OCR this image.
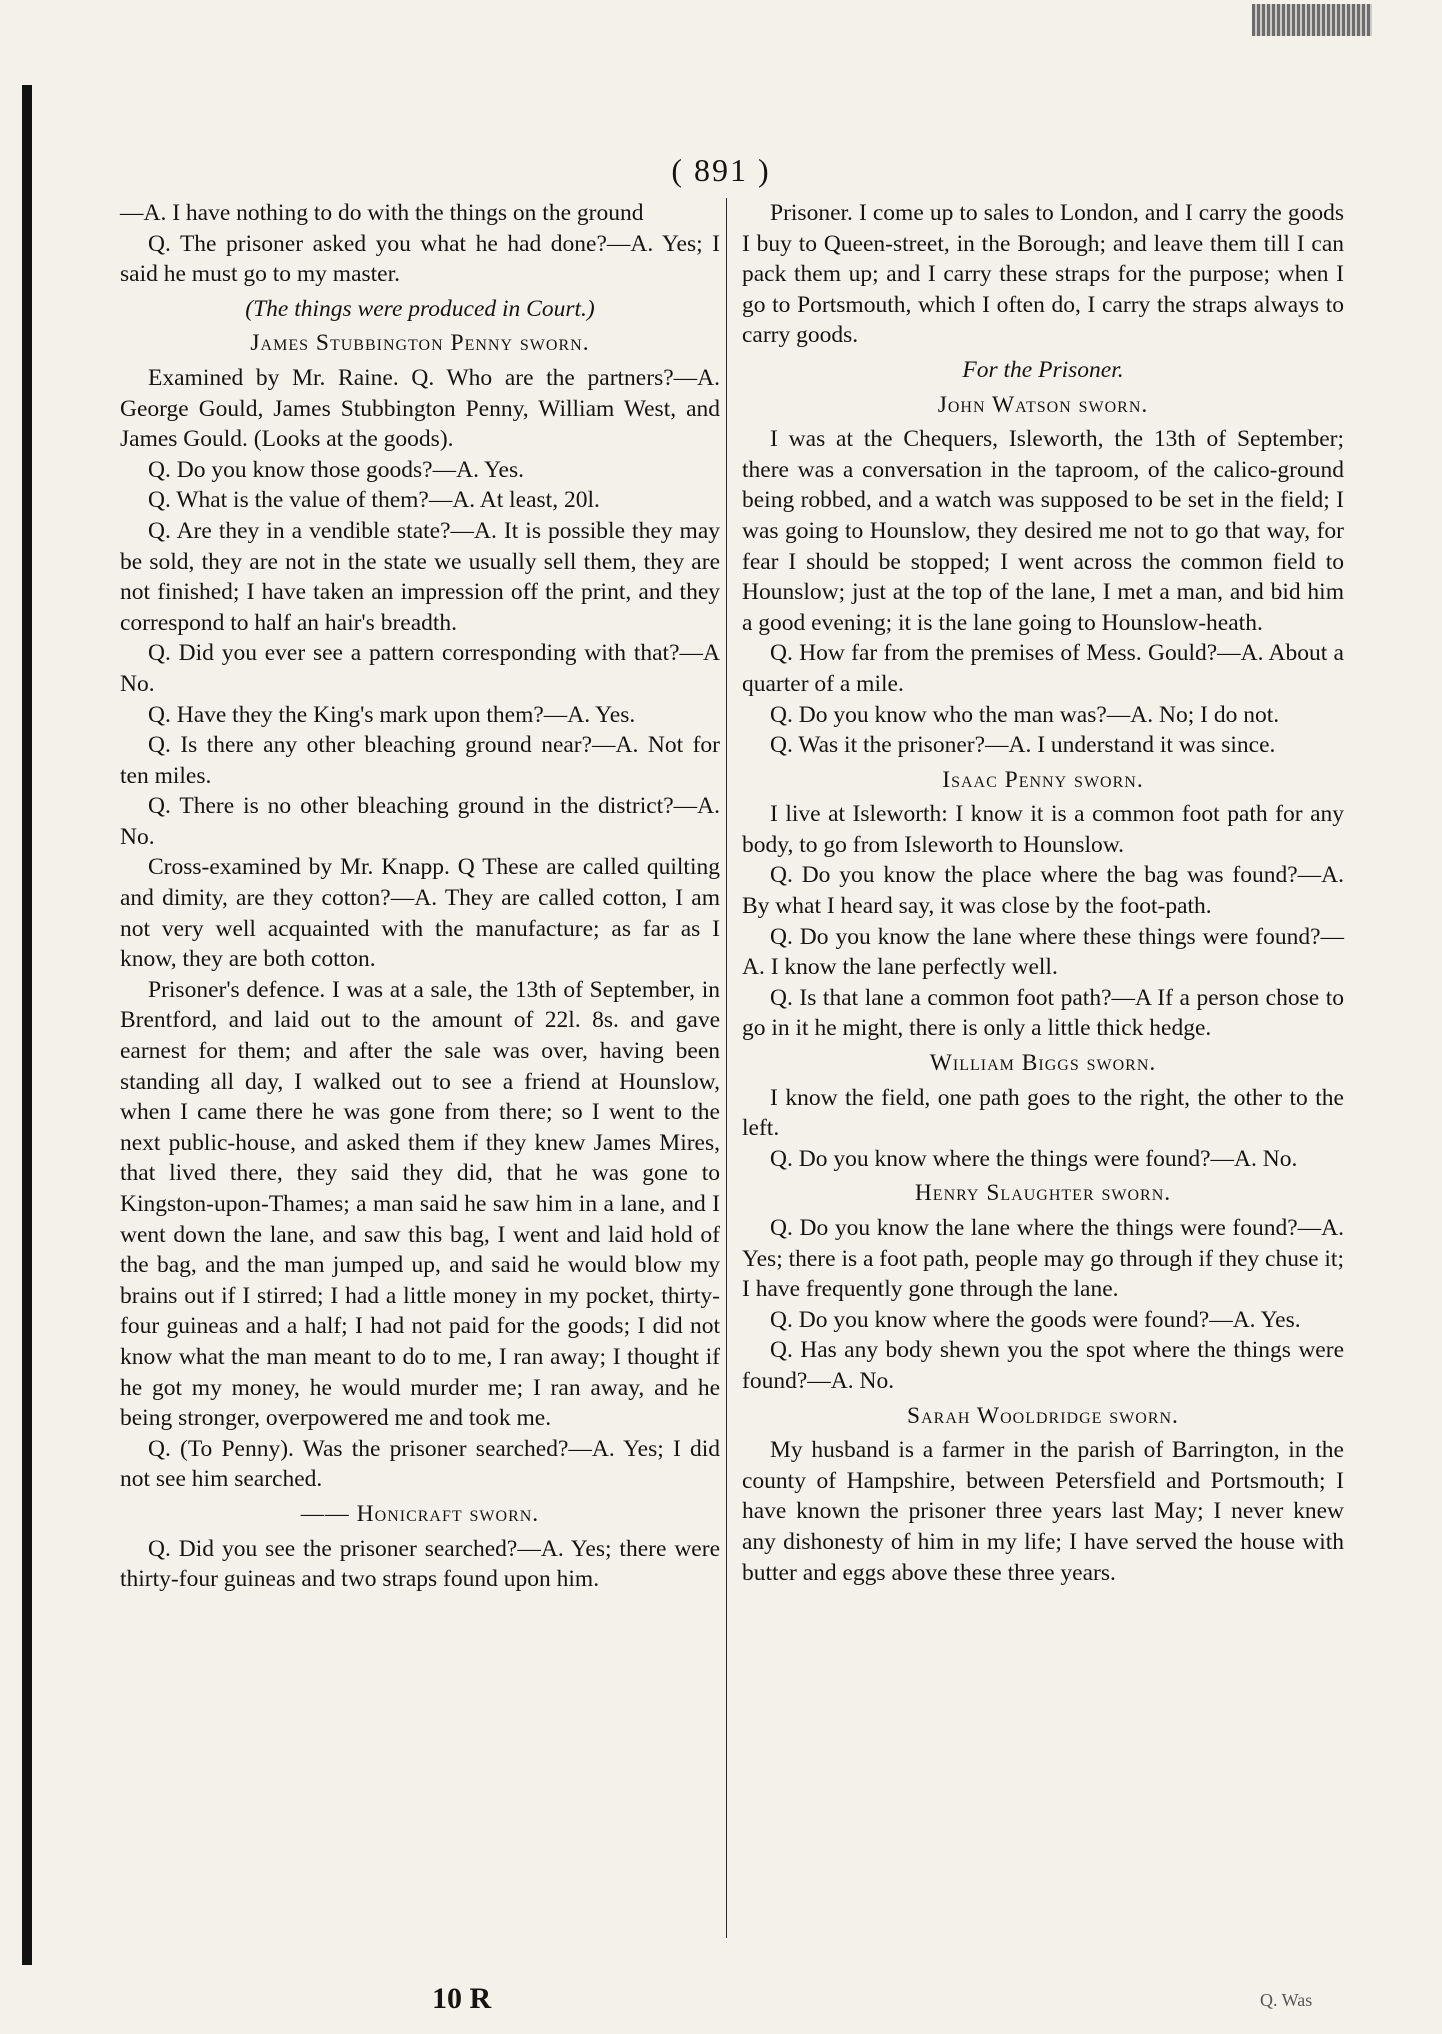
( 891 )

—A. I have nothing to do with the things on the ground

Q. The prisoner asked you what he had done?—A. Yes; I said he must go to my master.

(The things were produced in Court.)

James Stubbington Penny sworn.

Examined by Mr. Raine. Q. Who are the partners?—A. George Gould, James Stubbington Penny, William West, and James Gould. (Looks at the goods).

Q. Do you know those goods?—A. Yes.

Q. What is the value of them?—A. At least, 20l.

Q. Are they in a vendible state?—A. It is possible they may be sold, they are not in the state we usually sell them, they are not finished; I have taken an impression off the print, and they correspond to half an hair's breadth.

Q. Did you ever see a pattern corresponding with that?—A No.

Q. Have they the King's mark upon them?—A. Yes.

Q. Is there any other bleaching ground near?—A. Not for ten miles.

Q. There is no other bleaching ground in the district?—A. No.

Cross-examined by Mr. Knapp. Q These are called quilting and dimity, are they cotton?—A. They are called cotton, I am not very well acquainted with the manufacture; as far as I know, they are both cotton.

Prisoner's defence. I was at a sale, the 13th of September, in Brentford, and laid out to the amount of 22l. 8s. and gave earnest for them; and after the sale was over, having been standing all day, I walked out to see a friend at Hounslow, when I came there he was gone from there; so I went to the next public-house, and asked them if they knew James Mires, that lived there, they said they did, that he was gone to Kingston-upon-Thames; a man said he saw him in a lane, and I went down the lane, and saw this bag, I went and laid hold of the bag, and the man jumped up, and said he would blow my brains out if I stirred; I had a little money in my pocket, thirty-four guineas and a half; I had not paid for the goods; I did not know what the man meant to do to me, I ran away; I thought if he got my money, he would murder me; I ran away, and he being stronger, overpowered me and took me.

Q. (To Penny). Was the prisoner searched?—A. Yes; I did not see him searched.

—— Honicraft sworn.

Q. Did you see the prisoner searched?—A. Yes; there were thirty-four guineas and two straps found upon him.

Prisoner. I come up to sales to London, and I carry the goods I buy to Queen-street, in the Borough; and leave them till I can pack them up; and I carry these straps for the purpose; when I go to Portsmouth, which I often do, I carry the straps always to carry goods.

For the Prisoner.

John Watson sworn.

I was at the Chequers, Isleworth, the 13th of September; there was a conversation in the taproom, of the calico-ground being robbed, and a watch was supposed to be set in the field; I was going to Hounslow, they desired me not to go that way, for fear I should be stopped; I went across the common field to Hounslow; just at the top of the lane, I met a man, and bid him a good evening; it is the lane going to Hounslow-heath.

Q. How far from the premises of Mess. Gould?—A. About a quarter of a mile.

Q. Do you know who the man was?—A. No; I do not.

Q. Was it the prisoner?—A. I understand it was since.

Isaac Penny sworn.

I live at Isleworth: I know it is a common foot path for any body, to go from Isleworth to Hounslow.

Q. Do you know the place where the bag was found?—A. By what I heard say, it was close by the foot-path.

Q. Do you know the lane where these things were found?—A. I know the lane perfectly well.

Q. Is that lane a common foot path?—A If a person chose to go in it he might, there is only a little thick hedge.

William Biggs sworn.

I know the field, one path goes to the right, the other to the left.

Q. Do you know where the things were found?—A. No.

Henry Slaughter sworn.

Q. Do you know the lane where the things were found?—A. Yes; there is a foot path, people may go through if they chuse it; I have frequently gone through the lane.

Q. Do you know where the goods were found?—A. Yes.

Q. Has any body shewn you the spot where the things were found?—A. No.

Sarah Wooldridge sworn.

My husband is a farmer in the parish of Barrington, in the county of Hampshire, between Petersfield and Portsmouth; I have known the prisoner three years last May; I never knew any dishonesty of him in my life; I have served the house with butter and eggs above these three years.

10 R	Q. Was
